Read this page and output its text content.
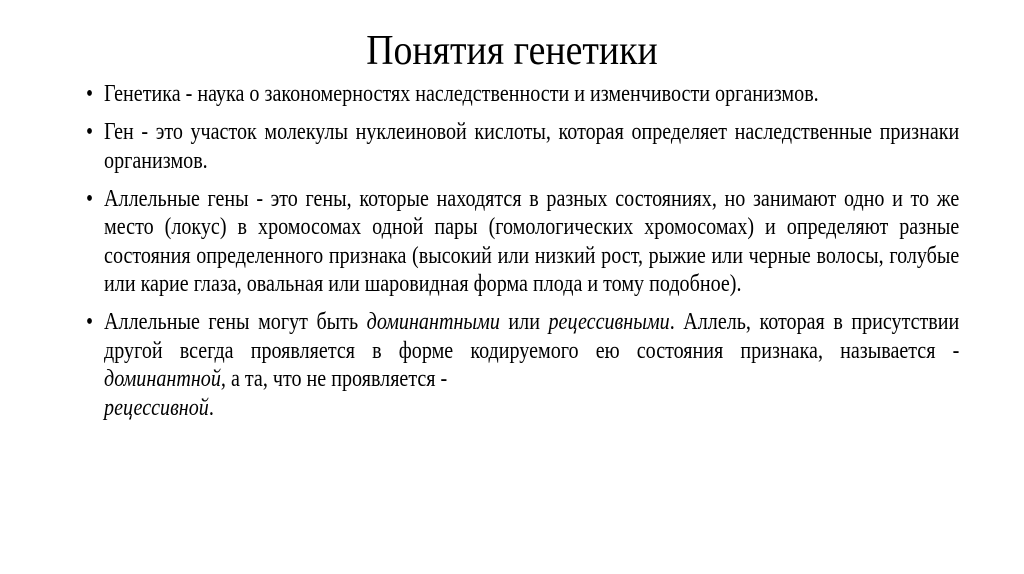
Понятия генетики
• Генетика - наука о закономерностях наследственности и изменчивости организмов.
• Ген - это участок молекулы нуклеиновой кислоты, которая определяет наследственные признаки организмов.
• Аллельные гены - это гены, которые находятся в разных состояниях, но занимают одно и то же место (локус) в хромосомах одной пары (гомологических хромосомах) и определяют разные состояния определенного признака (высокий или низкий рост, рыжие или черные волосы, голубые или карие глаза, овальная или шаровидная форма плода и тому подобное).
• Аллельные гены могут быть доминантными или рецессивными. Аллель, которая в присутствии другой всегда проявляется в форме кодируемого ею состояния признака, называется - доминантной, а та, что не проявляется -
рецессивной.
